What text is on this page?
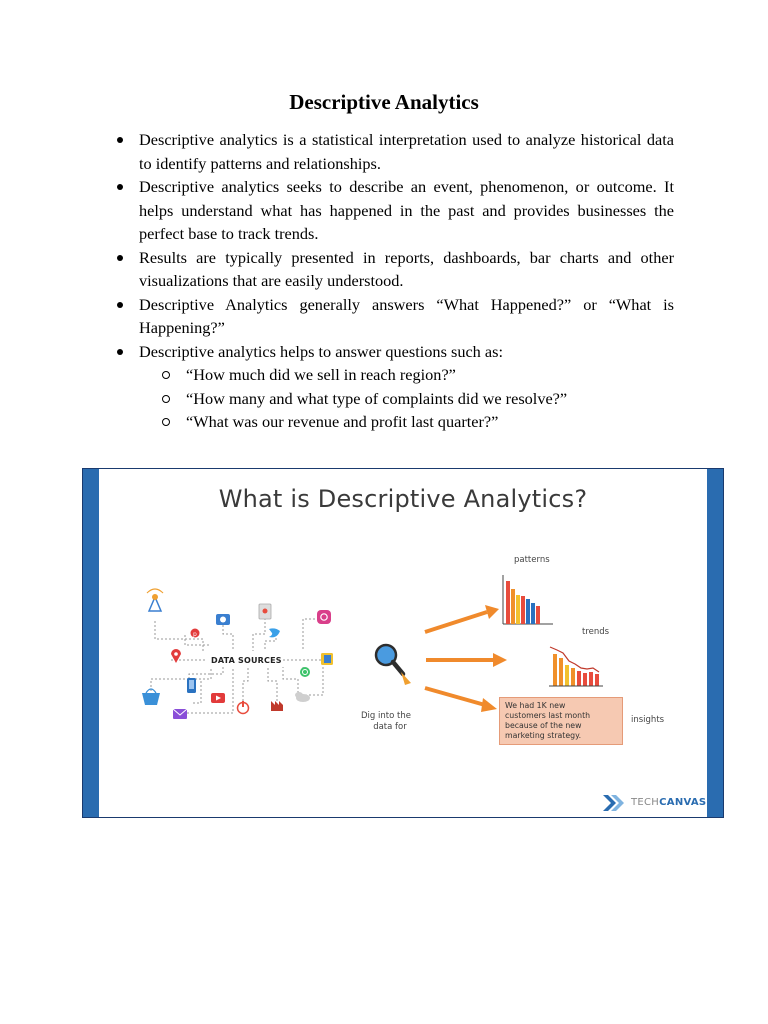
Descriptive Analytics
Descriptive analytics is a statistical interpretation used to analyze historical data to identify patterns and relationships.
Descriptive analytics seeks to describe an event, phenomenon, or outcome. It helps understand what has happened in the past and provides businesses the perfect base to track trends.
Results are typically presented in reports, dashboards, bar charts and other visualizations that are easily understood.
Descriptive Analytics generally answers “What Happened?” or “What is Happening?”
Descriptive analytics helps to answer questions such as:
“How much did we sell in reach region?”
“How many and what type of complaints did we resolve?”
“What was our revenue and profit last quarter?”
What is Descriptive Analytics?
p
DATA SOURCES
Dig into the
data for
patterns
trends
insights
We had 1K new
customers last month
because of the new
marketing strategy.
TECHCANVAS
